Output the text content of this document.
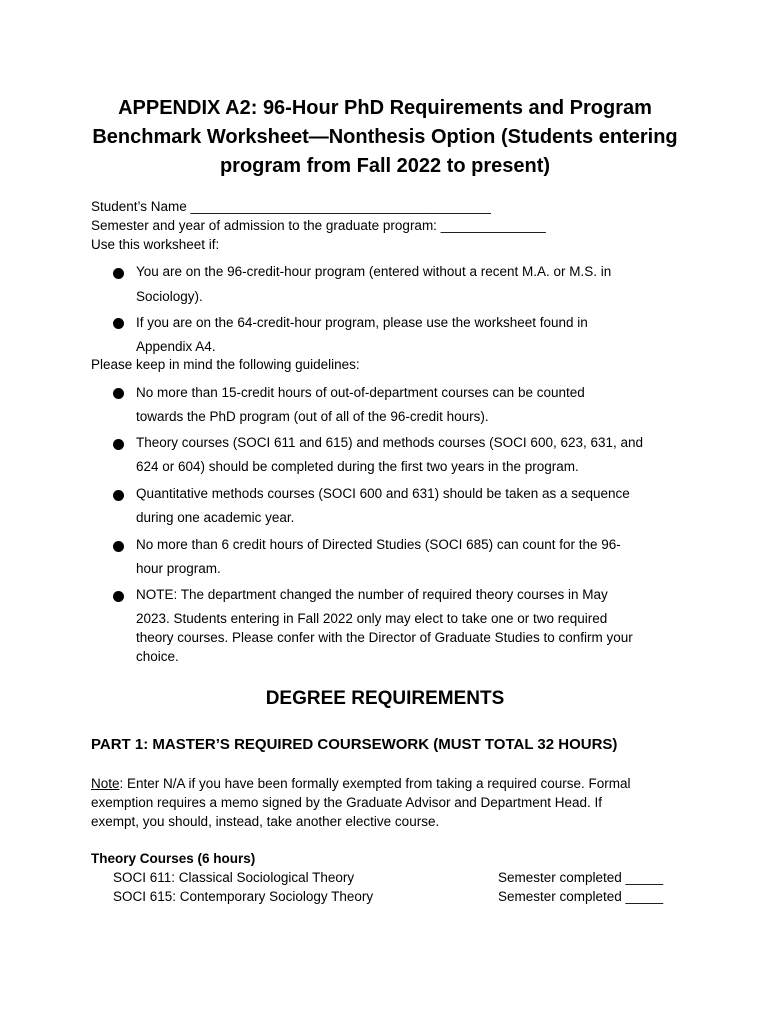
APPENDIX A2: 96-Hour PhD Requirements and Program
Benchmark Worksheet—Nonthesis Option (Students entering
program from Fall 2022 to present)
Student’s Name ________________________________________
Semester and year of admission to the graduate program: ______________
Use this worksheet if:
You are on the 96-credit-hour program (entered without a recent M.A. or M.S. in
Sociology).
If you are on the 64-credit-hour program, please use the worksheet found in
Appendix A4.
Please keep in mind the following guidelines:
No more than 15-credit hours of out-of-department courses can be counted
towards the PhD program (out of all of the 96-credit hours).
Theory courses (SOCI 611 and 615) and methods courses (SOCI 600, 623, 631, and
624 or 604) should be completed during the first two years in the program.
Quantitative methods courses (SOCI 600 and 631) should be taken as a sequence
during one academic year.
No more than 6 credit hours of Directed Studies (SOCI 685) can count for the 96-
hour program.
NOTE: The department changed the number of required theory courses in May
2023. Students entering in Fall 2022 only may elect to take one or two required
theory courses. Please confer with the Director of Graduate Studies to confirm your
choice.
DEGREE REQUIREMENTS
PART 1: MASTER’S REQUIRED COURSEWORK (MUST TOTAL 32 HOURS)
Note: Enter N/A if you have been formally exempted from taking a required course. Formal
exemption requires a memo signed by the Graduate Advisor and Department Head. If
exempt, you should, instead, take another elective course.
Theory Courses (6 hours)
SOCI 611: Classical Sociological Theory	Semester completed _____
SOCI 615: Contemporary Sociology Theory	Semester completed _____
